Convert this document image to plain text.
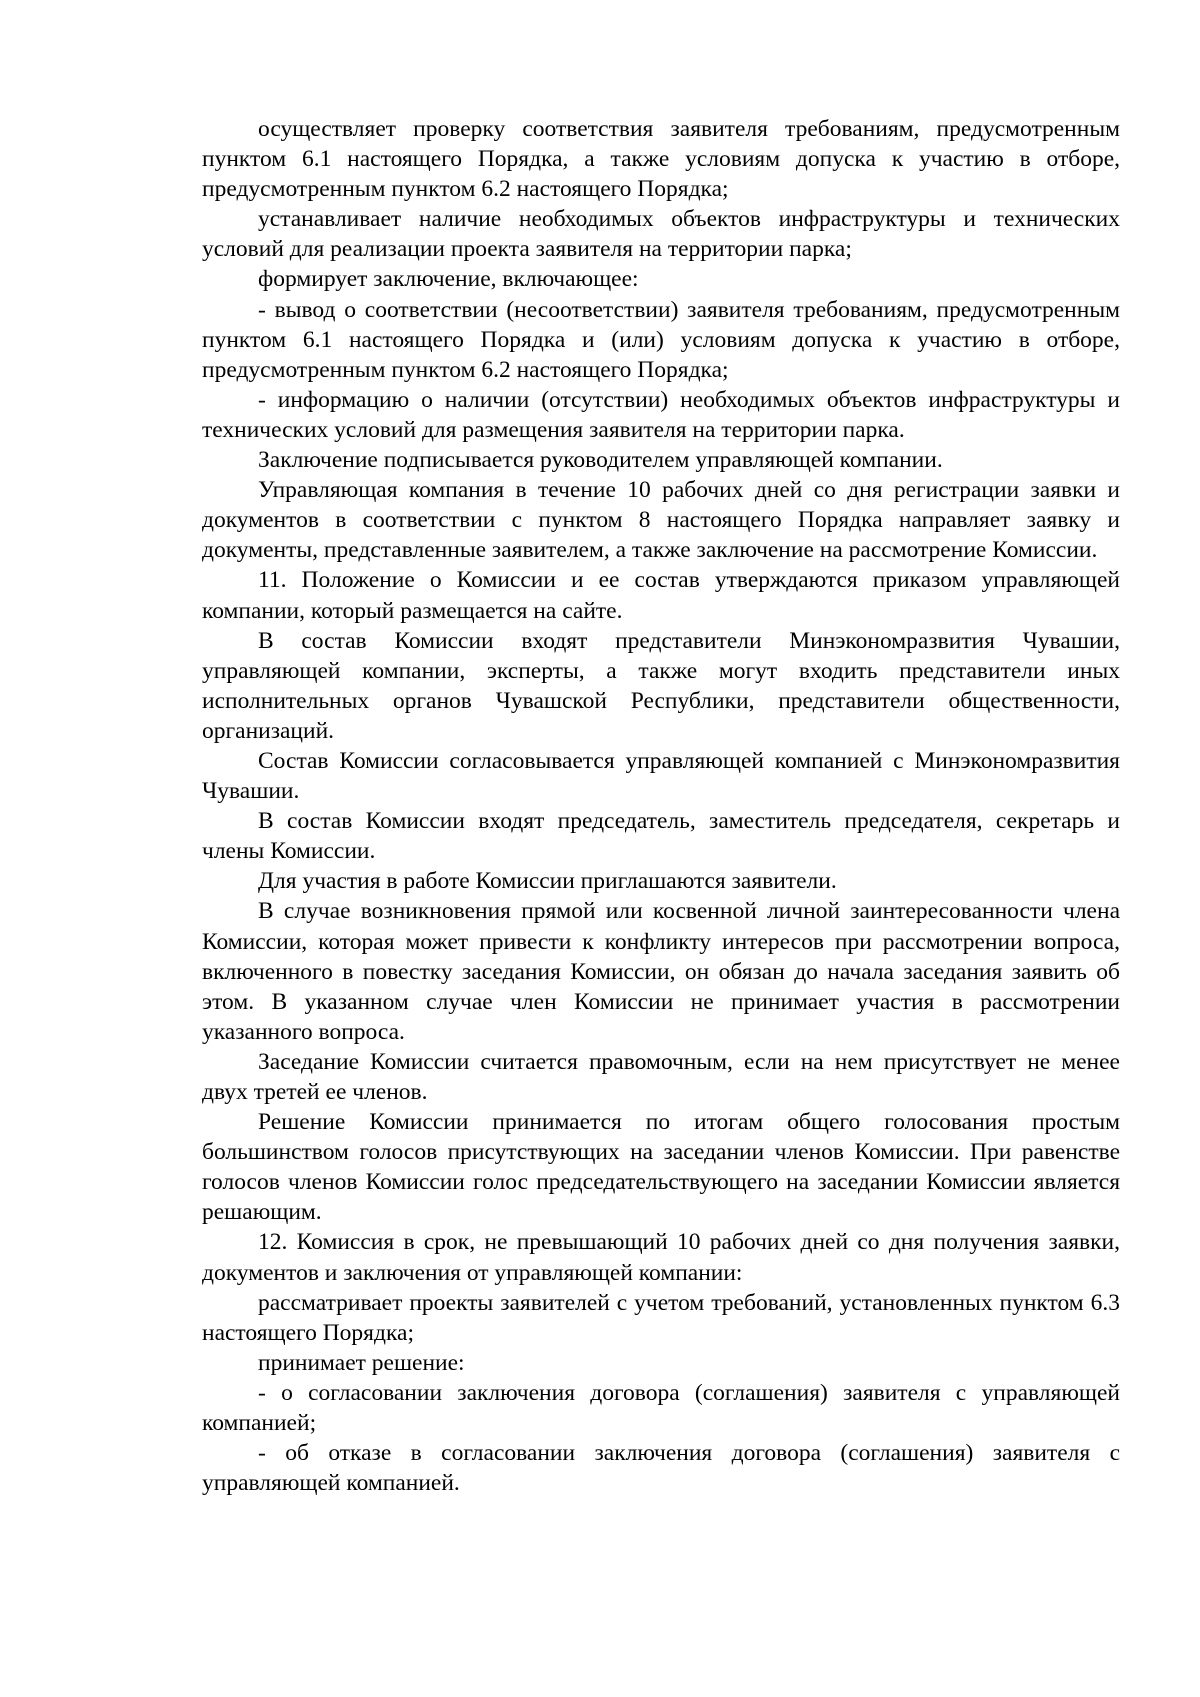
осуществляет проверку соответствия заявителя требованиям, предусмотренным пунктом 6.1 настоящего Порядка, а также условиям допуска к участию в отборе, предусмотренным пунктом 6.2 настоящего Порядка;

устанавливает наличие необходимых объектов инфраструктуры и технических условий для реализации проекта заявителя на территории парка;

формирует заключение, включающее:

- вывод о соответствии (несоответствии) заявителя требованиям, предусмотренным пунктом 6.1 настоящего Порядка и (или) условиям допуска к участию в отборе, предусмотренным пунктом 6.2 настоящего Порядка;

- информацию о наличии (отсутствии) необходимых объектов инфраструктуры и технических условий для размещения заявителя на территории парка.

Заключение подписывается руководителем управляющей компании.

Управляющая компания в течение 10 рабочих дней со дня регистрации заявки и документов в соответствии с пунктом 8 настоящего Порядка направляет заявку и документы, представленные заявителем, а также заключение на рассмотрение Комиссии.

11. Положение о Комиссии и ее состав утверждаются приказом управляющей компании, который размещается на сайте.

В состав Комиссии входят представители Минэкономразвития Чувашии, управляющей компании, эксперты, а также могут входить представители иных исполнительных органов Чувашской Республики, представители общественности, организаций.

Состав Комиссии согласовывается управляющей компанией с Минэкономразвития Чувашии.

В состав Комиссии входят председатель, заместитель председателя, секретарь и члены Комиссии.

Для участия в работе Комиссии приглашаются заявители.

В случае возникновения прямой или косвенной личной заинтересованности члена Комиссии, которая может привести к конфликту интересов при рассмотрении вопроса, включенного в повестку заседания Комиссии, он обязан до начала заседания заявить об этом. В указанном случае член Комиссии не принимает участия в рассмотрении указанного вопроса.

Заседание Комиссии считается правомочным, если на нем присутствует не менее двух третей ее членов.

Решение Комиссии принимается по итогам общего голосования простым большинством голосов присутствующих на заседании членов Комиссии. При равенстве голосов членов Комиссии голос председательствующего на заседании Комиссии является решающим.

12. Комиссия в срок, не превышающий 10 рабочих дней со дня получения заявки, документов и заключения от управляющей компании:

рассматривает проекты заявителей с учетом требований, установленных пунктом 6.3 настоящего Порядка;

принимает решение:

- о согласовании заключения договора (соглашения) заявителя с управляющей компанией;

- об отказе в согласовании заключения договора (соглашения) заявителя с управляющей компанией.
